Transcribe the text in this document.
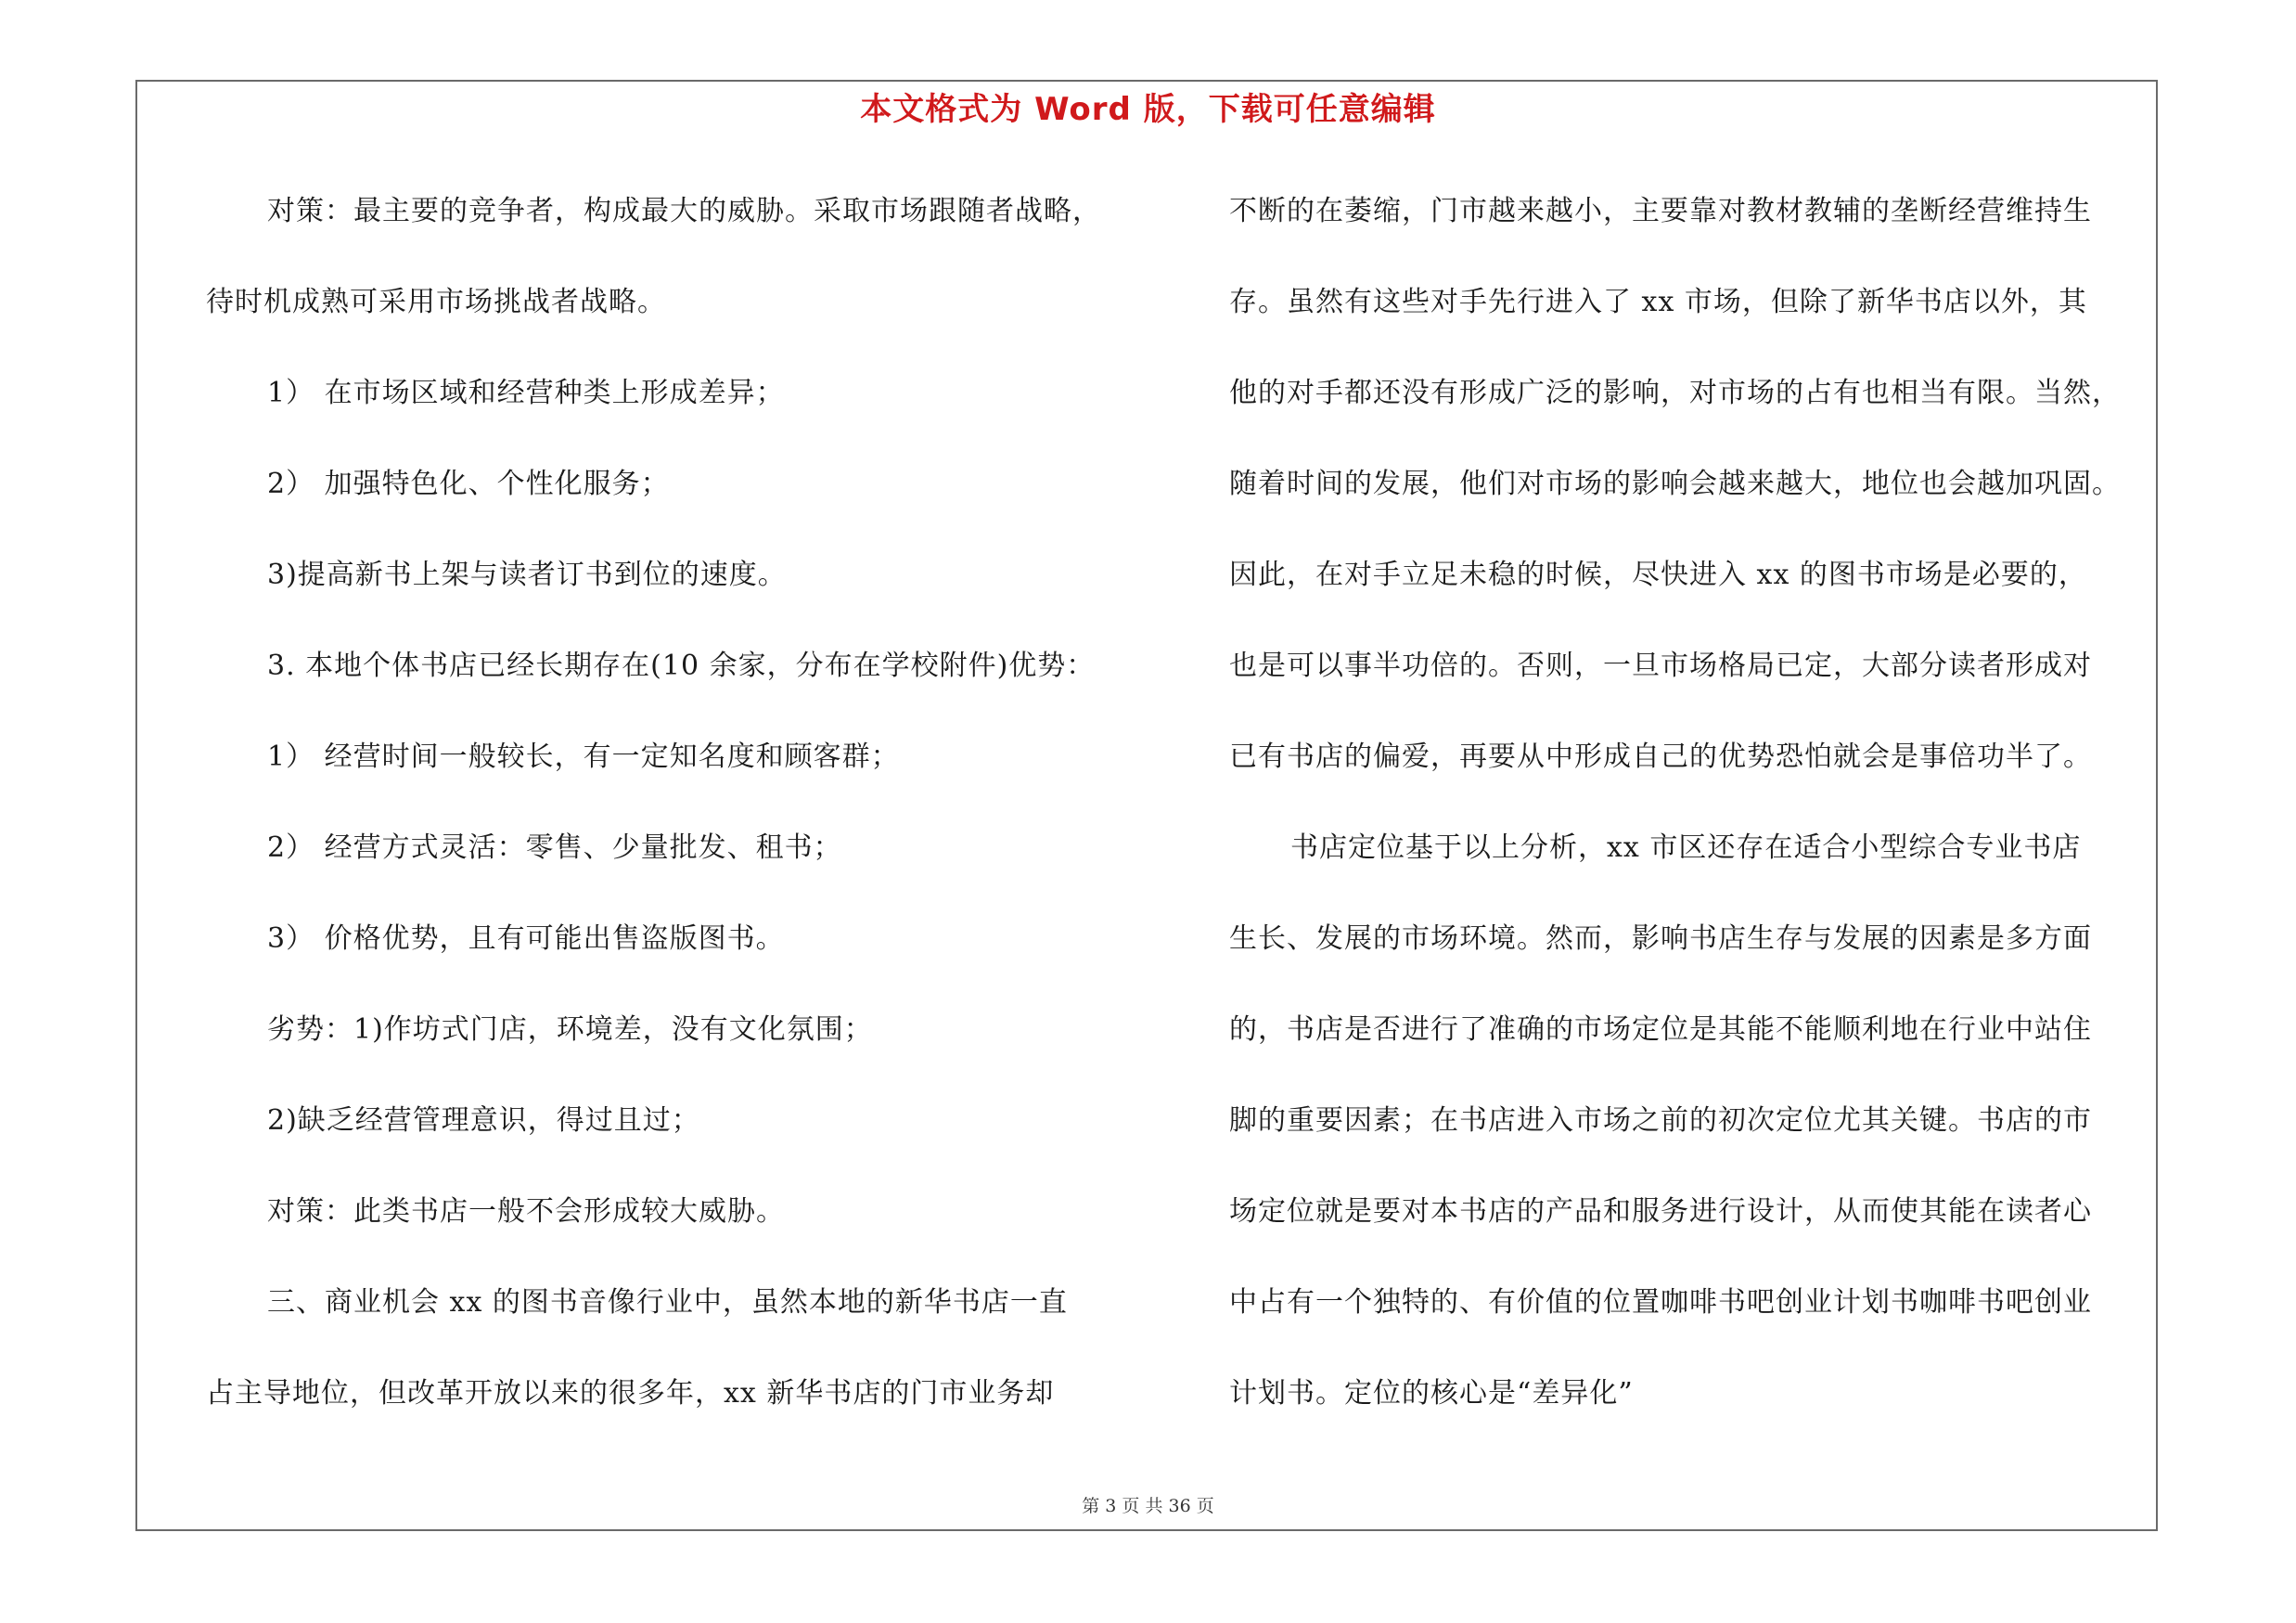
本文格式为 Word 版，下载可任意编辑
对策：最主要的竞争者，构成最大的威胁。采取市场跟随者战略，
待时机成熟可采用市场挑战者战略。
1） 在市场区域和经营种类上形成差异；
2） 加强特色化、个性化服务；
3)提高新书上架与读者订书到位的速度。
3. 本地个体书店已经长期存在(10 余家，分布在学校附件)优势：
1） 经营时间一般较长，有一定知名度和顾客群；
2） 经营方式灵活：零售、少量批发、租书；
3） 价格优势，且有可能出售盗版图书。
劣势：1)作坊式门店，环境差，没有文化氛围；
2)缺乏经营管理意识，得过且过；
对策：此类书店一般不会形成较大威胁。
三、商业机会 xx 的图书音像行业中，虽然本地的新华书店一直
占主导地位，但改革开放以来的很多年，xx 新华书店的门市业务却
不断的在萎缩，门市越来越小，主要靠对教材教辅的垄断经营维持生
存。虽然有这些对手先行进入了 xx 市场，但除了新华书店以外，其
他的对手都还没有形成广泛的影响，对市场的占有也相当有限。当然，
随着时间的发展，他们对市场的影响会越来越大，地位也会越加巩固。
因此，在对手立足未稳的时候，尽快进入 xx 的图书市场是必要的，
也是可以事半功倍的。否则，一旦市场格局已定，大部分读者形成对
已有书店的偏爱，再要从中形成自己的优势恐怕就会是事倍功半了。
书店定位基于以上分析，xx 市区还存在适合小型综合专业书店
生长、发展的市场环境。然而，影响书店生存与发展的因素是多方面
的，书店是否进行了准确的市场定位是其能不能顺利地在行业中站住
脚的重要因素；在书店进入市场之前的初次定位尤其关键。书店的市
场定位就是要对本书店的产品和服务进行设计，从而使其能在读者心
中占有一个独特的、有价值的位置咖啡书吧创业计划书咖啡书吧创业
计划书。定位的核心是“差异化”
第 3 页 共 36 页
